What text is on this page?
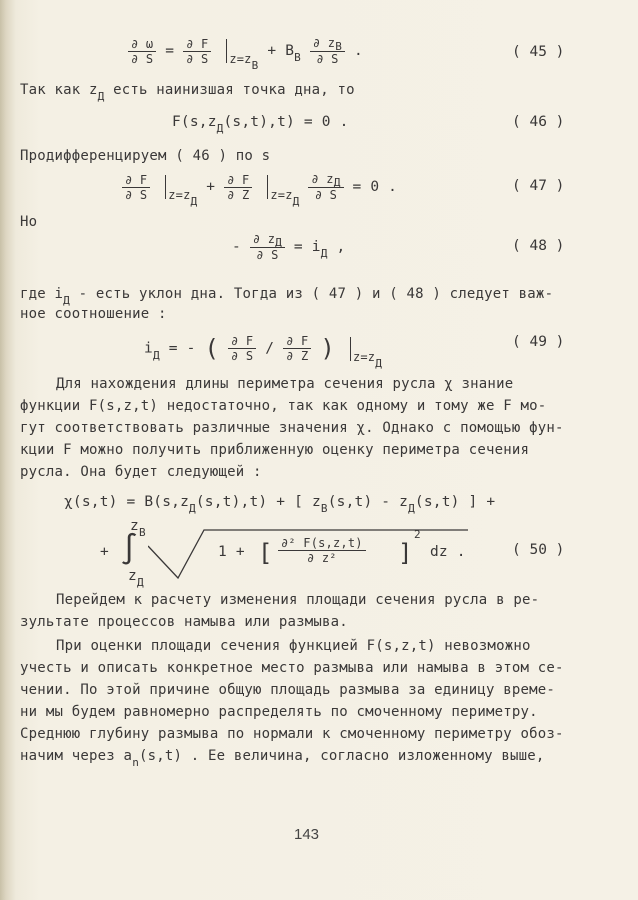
$\frac{\partial \omega}{\partial S} = \frac{\partial F}{\partial S} _{z=zB} + B_B \frac{\partial zB}{\partial S}$ .	( 45 )
Так как $z_Д$ есть наинизшая точка дна, то
$F(s,z_Д(s,t),t) = 0$ .	( 46 )
Продифференцируем ( 46 ) по s
$\frac{\partial F}{\partial S} _{z=zД} + \frac{\partial F}{\partial Z} _{z=zД} \frac{\partial zД}{\partial S} = 0$ .	( 47 )
Но
- $\frac{\partial zД}{\partial S} = i_Д$ ,	( 48 )
где $i_Д$ - есть уклон дна. Тогда из ( 47 ) и ( 48 ) следует важ-
ное соотношение :
$i_Д$ = - ( $\frac{\partial F}{\partial S} / \frac{\partial F}{\partial Z}$ ) $_{z=zД}$
( 49 )
Для нахождения длины периметра сечения русла χ знание
функции F(s,z,t) недостаточно, так как одному и тому же F мо-
гут соответствовать различные значения χ. Однако с помощью фун-
кции F можно получить приближенную оценку периметра сечения
русла. Она будет следующей :
$\chi(s,t) = B(s,z_Д(s,t),t)$ + [ $z_B(s,t) - z_Д(s,t)$ ] +
+
$z_B$
∫
$z_Д$
1 + [ $\frac{\text{∂² F(s,z,t)}}{\text{∂ z²}}$ ]
2
dz .	( 50 )
Перейдем к расчету изменения площади сечения русла в ре-
зультате процессов намыва или размыва.
При оценки площади сечения функцией F(s,z,t) невозможно
учесть и описать конкретное место размыва или намыва в этом се-
чении. По этой причине общую площадь размыва за единицу време-
ни мы будем равномерно распределять по смоченному периметру.
Среднюю глубину размыва по нормали к смоченному периметру обоз-
начим через $a_n(s,t)$ . Ее величина, согласно изложенному выше,
143
